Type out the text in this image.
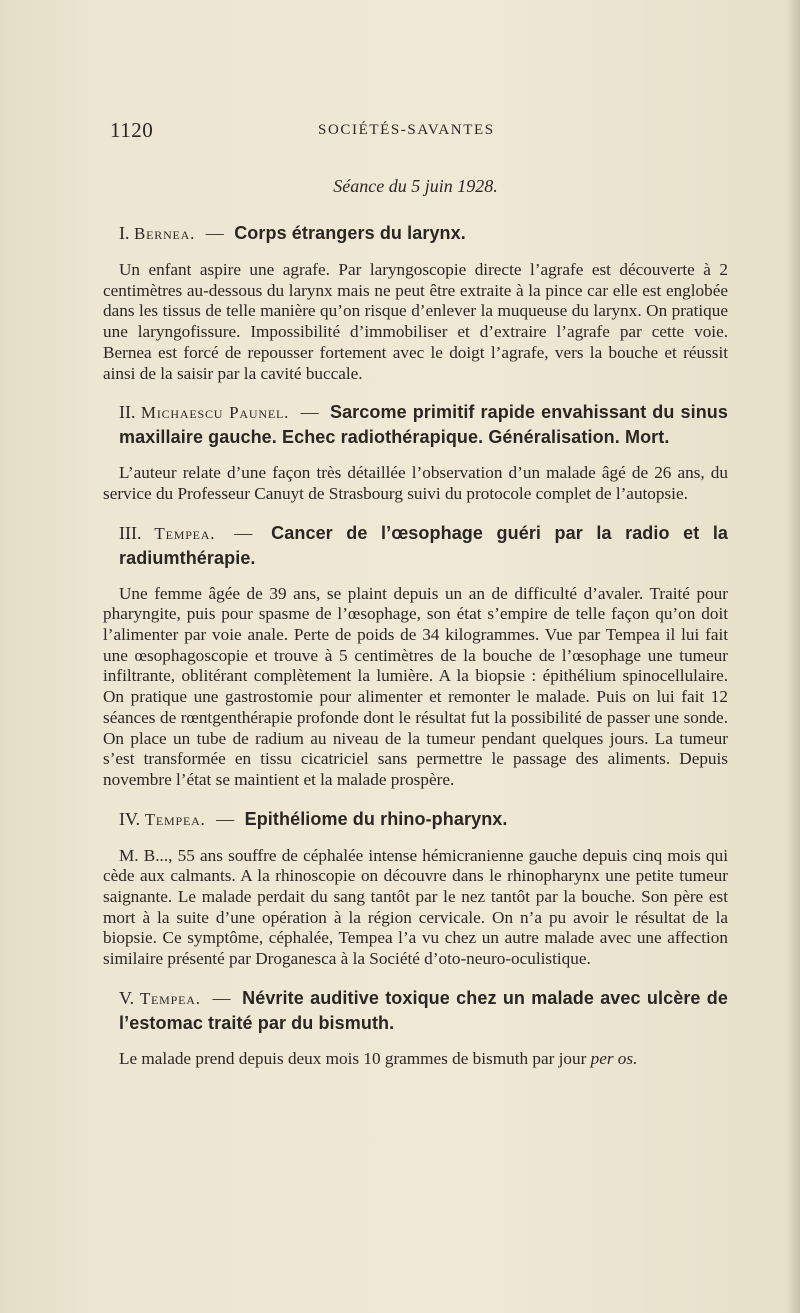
1120	SOCIÉTÉS-SAVANTES

Séance du 5 juin 1928.

I. Bernea. — Corps étrangers du larynx.

Un enfant aspire une agrafe. Par laryngoscopie directe l’agrafe est découverte à 2 centimètres au-dessous du larynx mais ne peut être extraite à la pince car elle est englobée dans les tissus de telle manière qu’on risque d’enlever la muqueuse du larynx. On pratique une laryngofissure. Impossibilité d’immobiliser et d’extraire l’agrafe par cette voie. Bernea est forcé de repousser fortement avec le doigt l’agrafe, vers la bouche et réussit ainsi de la saisir par la cavité buccale.

II. Michaescu Paunel. — Sarcome primitif rapide envahissant du sinus maxillaire gauche. Echec radiothérapique. Généralisation. Mort.

L’auteur relate d’une façon très détaillée l’observation d’un malade âgé de 26 ans, du service du Professeur Canuyt de Strasbourg suivi du protocole complet de l’autopsie.

III. Tempea. — Cancer de l’œsophage guéri par la radio et la radiumthérapie.

Une femme âgée de 39 ans, se plaint depuis un an de difficulté d’avaler. Traité pour pharyngite, puis pour spasme de l’œsophage, son état s’empire de telle façon qu’on doit l’alimenter par voie anale. Perte de poids de 34 kilogrammes. Vue par Tempea il lui fait une œsophagoscopie et trouve à 5 centimètres de la bouche de l’œsophage une tumeur infiltrante, oblitérant complètement la lumière. A la biopsie : épithélium spinocellulaire. On pratique une gastrostomie pour alimenter et remonter le malade. Puis on lui fait 12 séances de rœntgenthérapie profonde dont le résultat fut la possibilité de passer une sonde. On place un tube de radium au niveau de la tumeur pendant quelques jours. La tumeur s’est transformée en tissu cicatriciel sans permettre le passage des aliments. Depuis novembre l’état se maintient et la malade prospère.

IV. Tempea. — Epithéliome du rhino-pharynx.

M. B..., 55 ans souffre de céphalée intense hémicranienne gauche depuis cinq mois qui cède aux calmants. A la rhinoscopie on découvre dans le rhinopharynx une petite tumeur saignante. Le malade perdait du sang tantôt par le nez tantôt par la bouche. Son père est mort à la suite d’une opération à la région cervicale. On n’a pu avoir le résultat de la biopsie. Ce symptôme, céphalée, Tempea l’a vu chez un autre malade avec une affection similaire présenté par Droganesca à la Société d’oto-neuro-oculistique.

V. Tempea. — Névrite auditive toxique chez un malade avec ulcère de l’estomac traité par du bismuth.

Le malade prend depuis deux mois 10 grammes de bismuth par jour per os.
